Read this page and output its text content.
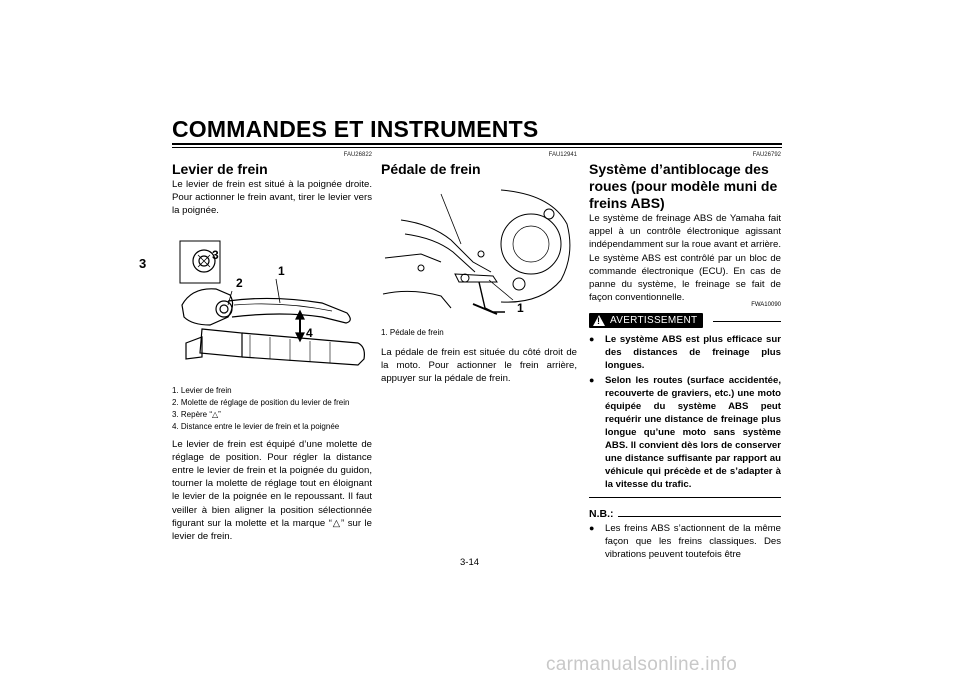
COMMANDES ET INSTRUMENTS
3
FAU26822
Levier de frein

Le levier de frein est situé à la poignée droite. Pour actionner le frein avant, tirer le levier vers la poignée.

3
2
1
4
1. Levier de frein
2. Molette de réglage de position du levier de frein
3. Repère “△”
4. Distance entre le levier de frein et la poignée

Le levier de frein est équipé d’une molette de réglage de position. Pour régler la distance entre le levier de frein et la poignée du guidon, tourner la molette de réglage tout en éloignant le levier de la poignée en le repoussant. Il faut veiller à bien aligner la position sélectionnée figurant sur la molette et la marque “△” sur le levier de frein.

FAU12941
Pédale de frein
1
1. Pédale de frein

La pédale de frein est située du côté droit de la moto. Pour actionner le frein arrière, appuyer sur la pédale de frein.

FAU26792
Système d’antiblocage des roues (pour modèle muni de freins ABS)

Le système de freinage ABS de Yamaha fait appel à un contrôle électronique agissant indépendamment sur la roue avant et arrière. Le système ABS est contrôlé par un bloc de commande électronique (ECU). En cas de panne du système, le freinage se fait de façon conventionnelle.

FWA10090
!
AVERTISSEMENT
●	Le système ABS est plus efficace sur des distances de freinage plus longues.
●	Selon les routes (surface accidentée, recouverte de graviers, etc.) une moto équipée du système ABS peut requérir une distance de freinage plus longue qu’une moto sans système ABS. Il convient dès lors de conserver une distance suffisante par rapport au véhicule qui précède et de s’adapter à la vitesse du trafic.
N.B.:
●	Les freins ABS s’actionnent de la même façon que les freins classiques. Des vibrations peuvent toutefois être
3-14
carmanualsonline.info
